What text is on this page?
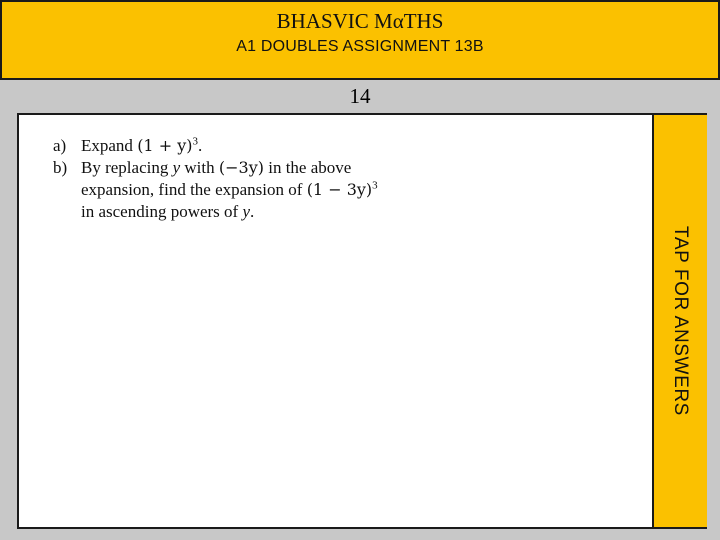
BHASVIC MαTHS
A1 DOUBLES ASSIGNMENT 13B
14
a) Expand $(1 + y)^3$.
b) By replacing y with (−3y) in the above
expansion, find the expansion of $(1 - 3y)^3$
in ascending powers of y.
TAP FOR ANSWERS
